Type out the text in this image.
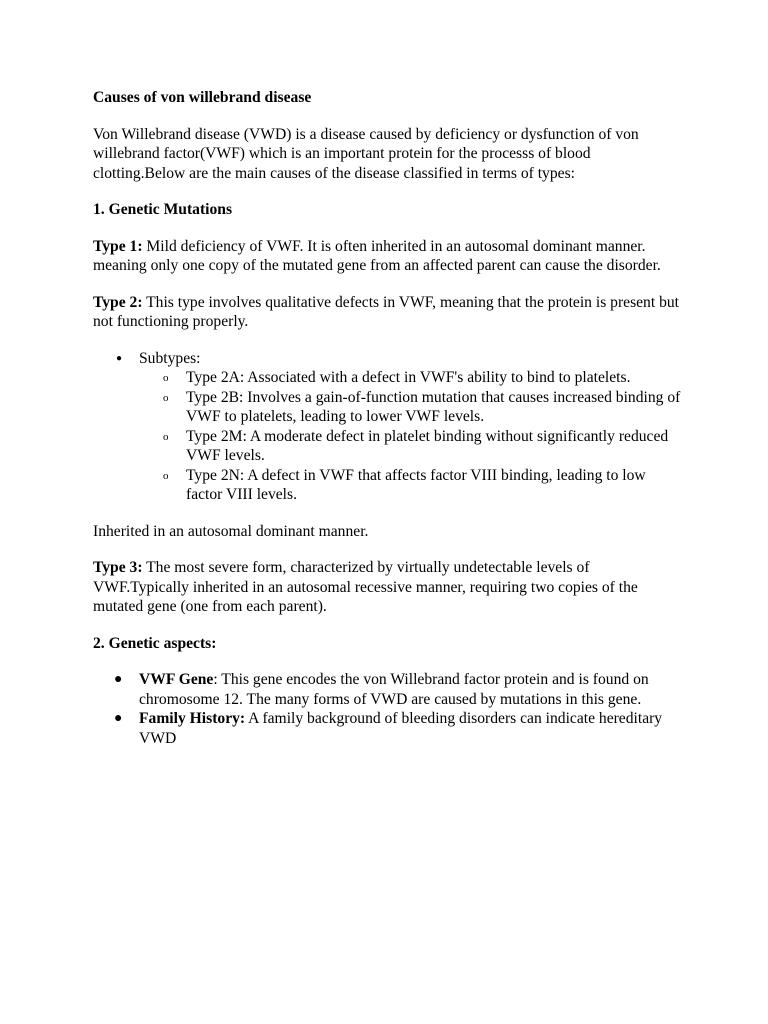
Causes of von willebrand disease

Von Willebrand disease (VWD) is a disease caused by deficiency or dysfunction of von willebrand factor(VWF) which is an important protein for the processs of blood clotting.Below are the main causes of the disease classified in terms of types:

1. Genetic Mutations

Type 1: Mild deficiency of VWF. It is often inherited in an autosomal dominant manner. meaning only one copy of the mutated gene from an affected parent can cause the disorder.

Type 2: This type involves qualitative defects in VWF, meaning that the protein is present but not functioning properly.

● Subtypes:
o Type 2A: Associated with a defect in VWF's ability to bind to platelets.
o Type 2B: Involves a gain-of-function mutation that causes increased binding of VWF to platelets, leading to lower VWF levels.
o Type 2M: A moderate defect in platelet binding without significantly reduced VWF levels.
o Type 2N: A defect in VWF that affects factor VIII binding, leading to low factor VIII levels.

Inherited in an autosomal dominant manner.

Type 3: The most severe form, characterized by virtually undetectable levels of VWF.Typically inherited in an autosomal recessive manner, requiring two copies of the mutated gene (one from each parent).

2. Genetic aspects:

● VWF Gene: This gene encodes the von Willebrand factor protein and is found on chromosome 12. The many forms of VWD are caused by mutations in this gene.
● Family History: A family background of bleeding disorders can indicate hereditary VWD
